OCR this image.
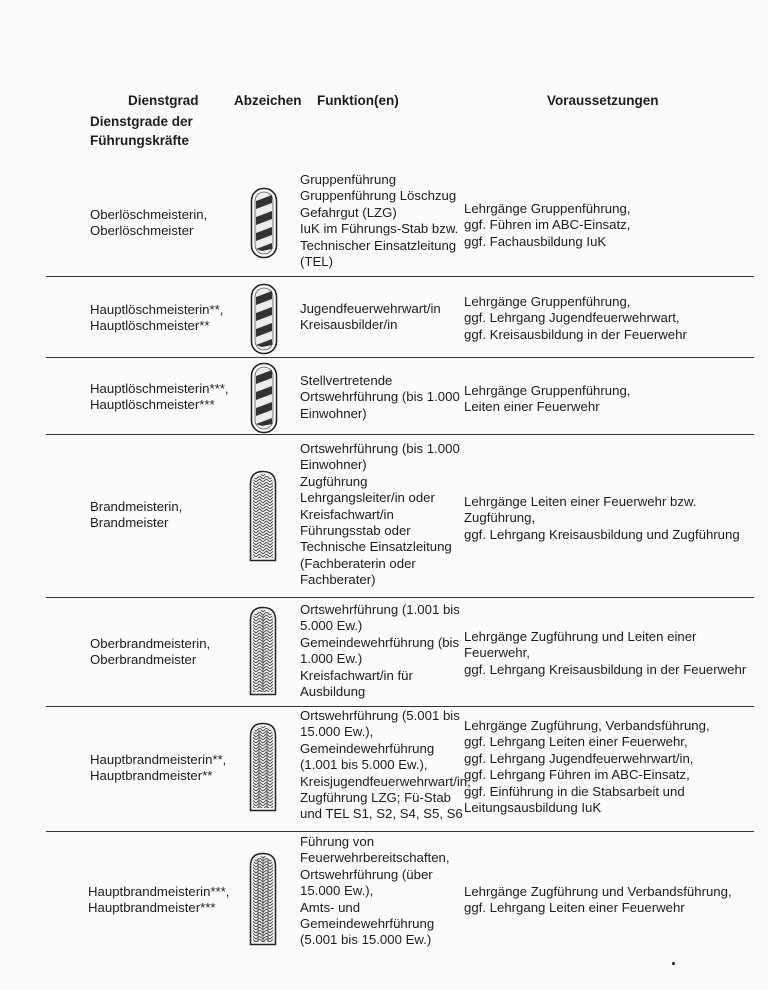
Dienstgrad	Abzeichen Funktion(en)	Voraussetzungen
Dienstgrade der
Führungskräfte
Oberlöschmeisterin,
Oberlöschmeister
Gruppenführung
Gruppenführung Löschzug
Gefahrgut (LZG)
IuK im Führungs-Stab bzw.
Technischer Einsatzleitung
(TEL)
Lehrgänge Gruppenführung,
ggf. Führen im ABC-Einsatz,
ggf. Fachausbildung IuK
Hauptlöschmeisterin**,
Hauptlöschmeister**
Jugendfeuerwehrwart/in
Kreisausbilder/in
Lehrgänge Gruppenführung,
ggf. Lehrgang Jugendfeuerwehrwart,
ggf. Kreisausbildung in der Feuerwehr
Hauptlöschmeisterin***,
Hauptlöschmeister***
Stellvertretende
Ortswehrführung (bis 1.000
Einwohner)
Lehrgänge Gruppenführung,
Leiten einer Feuerwehr
Brandmeisterin,
Brandmeister
Ortswehrführung (bis 1.000
Einwohner)
Zugführung
Lehrgangsleiter/in oder
Kreisfachwart/in
Führungsstab oder
Technische Einsatzleitung
(Fachberaterin oder
Fachberater)
Lehrgänge Leiten einer Feuerwehr bzw.
Zugführung,
ggf. Lehrgang Kreisausbildung und Zugführung
Oberbrandmeisterin,
Oberbrandmeister
Ortswehrführung (1.001 bis
5.000 Ew.)
Gemeindewehrführung (bis
1.000 Ew.)
Kreisfachwart/in für
Ausbildung
Lehrgänge Zugführung und Leiten einer
Feuerwehr,
ggf. Lehrgang Kreisausbildung in der Feuerwehr
Hauptbrandmeisterin**,
Hauptbrandmeister**
Ortswehrführung (5.001 bis
15.000 Ew.),
Gemeindewehrführung
(1.001 bis 5.000 Ew.),
Kreisjugendfeuerwehrwart/in,
Zugführung LZG; Fü-Stab
und TEL S1, S2, S4, S5, S6
Lehrgänge Zugführung, Verbandsführung,
ggf. Lehrgang Leiten einer Feuerwehr,
ggf. Lehrgang Jugendfeuerwehrwart/in,
ggf. Lehrgang Führen im ABC-Einsatz,
ggf. Einführung in die Stabsarbeit und
Leitungsausbildung IuK
Hauptbrandmeisterin***,
Hauptbrandmeister***
Führung von
Feuerwehrbereitschaften,
Ortswehrführung (über
15.000 Ew.),
Amts- und
Gemeindewehrführung
(5.001 bis 15.000 Ew.)
Lehrgänge Zugführung und Verbandsführung,
ggf. Lehrgang Leiten einer Feuerwehr
